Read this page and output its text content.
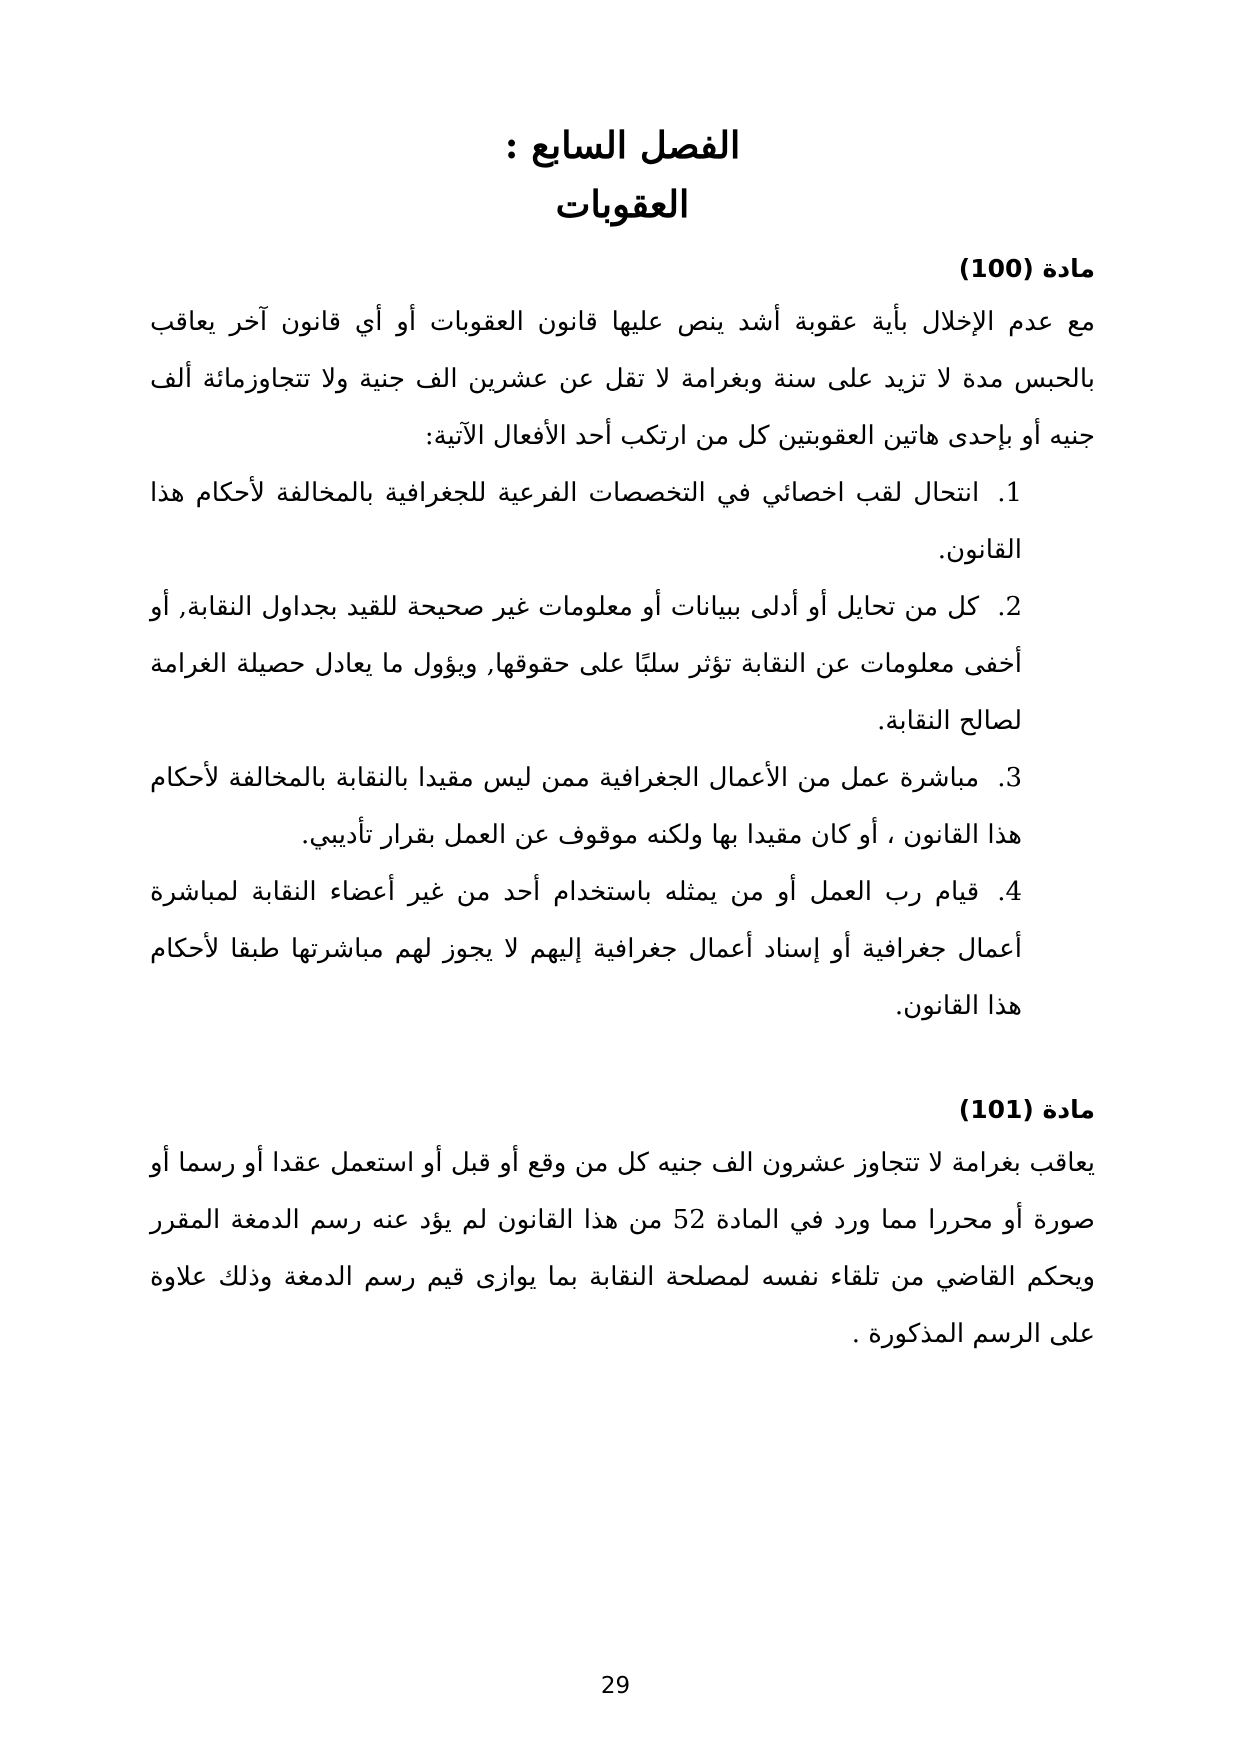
الفصل السابع :
العقوبات
مادة (100)

مع عدم الإخلال بأية عقوبة أشد ينص عليها قانون العقوبات أو أي قانون آخر يعاقب بالحبس مدة لا تزيد على سنة وبغرامة لا تقل عن عشرين الف جنية ولا تتجاوزمائة ألف جنيه أو بإحدى هاتين العقوبتين كل من ارتكب أحد الأفعال الآتية:

1.انتحال لقب اخصائي في التخصصات الفرعية للجغرافية بالمخالفة لأحكام هذا القانون.
2.كل من تحايل أو أدلى ببيانات أو معلومات غير صحيحة للقيد بجداول النقابة, أو أخفى معلومات عن النقابة تؤثر سلبًا على حقوقها, ويؤول ما يعادل حصيلة الغرامة لصالح النقابة.
3.مباشرة عمل من الأعمال الجغرافية ممن ليس مقيدا بالنقابة بالمخالفة لأحكام هذا القانون ، أو كان مقيدا بها ولكنه موقوف عن العمل بقرار تأديبي.
4.قيام رب العمل أو من يمثله باستخدام أحد من غير أعضاء النقابة لمباشرة أعمال جغرافية أو إسناد أعمال جغرافية إليهم لا يجوز لهم مباشرتها طبقا لأحكام هذا القانون.
مادة (101)

يعاقب بغرامة لا تتجاوز عشرون الف جنيه كل من وقع أو قبل أو استعمل عقدا أو رسما أو صورة أو محررا مما ورد في المادة 52 من هذا القانون لم يؤد عنه رسم الدمغة المقرر ويحكم القاضي من تلقاء نفسه لمصلحة النقابة بما يوازى قيم رسم الدمغة وذلك علاوة على الرسم المذكورة .

29
